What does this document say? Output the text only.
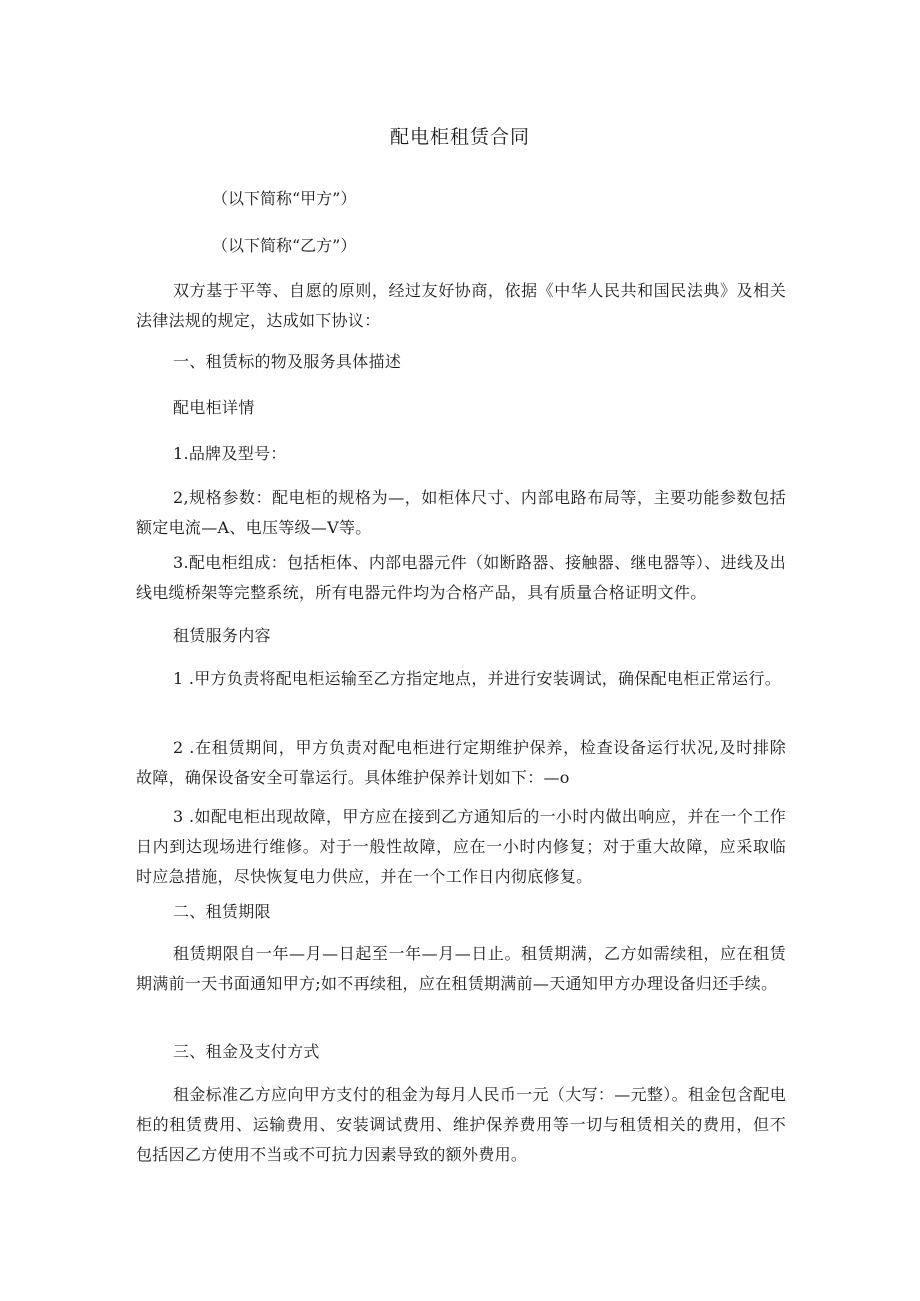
配电柜租赁合同
（以下简称“甲方”）
（以下简称“乙方”）
双方基于平等、自愿的原则，经过友好协商，依据《中华人民共和国民法典》及相关法律法规的规定，达成如下协议：
一、租赁标的物及服务具体描述
配电柜详情
1.品牌及型号：
2,规格参数：配电柜的规格为—，如柜体尺寸、内部电路布局等，主要功能参数包括额定电流—A、电压等级—V等。
3.配电柜组成：包括柜体、内部电器元件（如断路器、接触器、继电器等）、进线及出线电缆桥架等完整系统，所有电器元件均为合格产品，具有质量合格证明文件。
租赁服务内容
1 .甲方负责将配电柜运输至乙方指定地点，并进行安装调试，确保配电柜正常运行。
2 .在租赁期间，甲方负责对配电柜进行定期维护保养，检查设备运行状况,及时排除故障，确保设备安全可靠运行。具体维护保养计划如下：—o
3 .如配电柜出现故障，甲方应在接到乙方通知后的一小时内做出响应，并在一个工作日内到达现场进行维修。对于一般性故障，应在一小时内修复；对于重大故障，应采取临时应急措施，尽快恢复电力供应，并在一个工作日内彻底修复。
二、租赁期限
租赁期限自一年—月—日起至一年—月—日止。租赁期满，乙方如需续租，应在租赁期满前一天书面通知甲方;如不再续租，应在租赁期满前—天通知甲方办理设备归还手续。
三、租金及支付方式
租金标准乙方应向甲方支付的租金为每月人民币一元（大写：—元整）。租金包含配电柜的租赁费用、运输费用、安装调试费用、维护保养费用等一切与租赁相关的费用，但不包括因乙方使用不当或不可抗力因素导致的额外费用。
